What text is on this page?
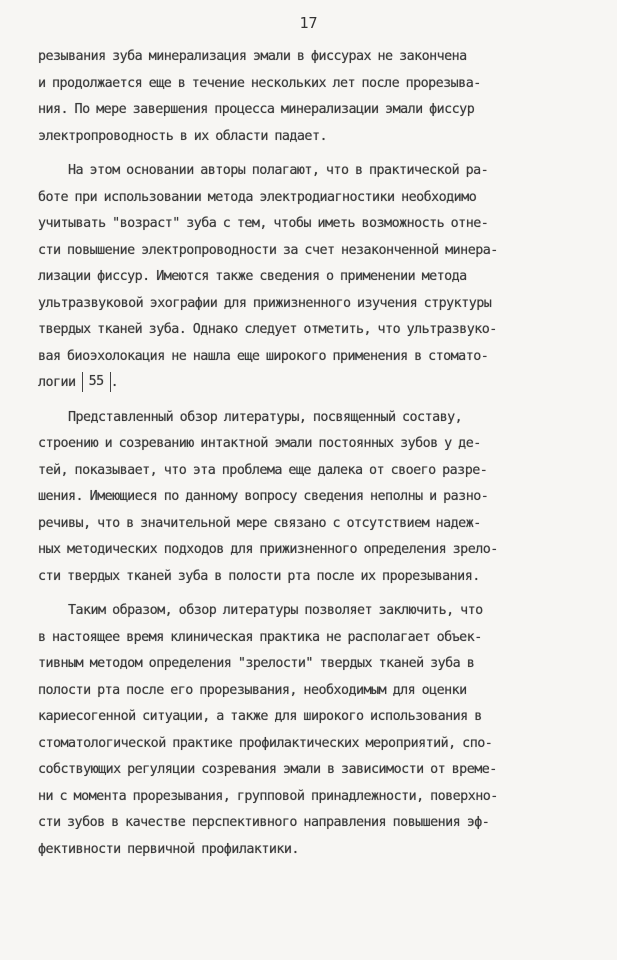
17
резывания зуба минерализация эмали в фиссурах не закончена
и продолжается еще в течение нескольких лет после прорезыва-
ния. По мере завершения процесса минерализации эмали фиссур
электропроводность в их области падает.
На этом основании авторы полагают, что в практической ра-
боте при использовании метода электродиагностики необходимо
учитывать "возраст" зуба с тем, чтобы иметь возможность отне-
сти повышение электропроводности за счет незаконченной минера-
лизации фиссур. Имеются также сведения о применении метода
ультразвуковой эхографии для прижизненного изучения структуры
твердых тканей зуба. Однако следует отметить, что ультразвуко-
вая биоэхолокация не нашла еще широкого применения в стомато-
логии 55 .
Представленный обзор литературы, посвященный составу,
строению и созреванию интактной эмали постоянных зубов у де-
тей, показывает, что эта проблема еще далека от своего разре-
шения. Имеющиеся по данному вопросу сведения неполны и разно-
речивы, что в значительной мере связано с отсутствием надеж-
ных методических подходов для прижизненного определения зрело-
сти твердых тканей зуба в полости рта после их прорезывания.
Таким образом, обзор литературы позволяет заключить, что
в настоящее время клиническая практика не располагает объек-
тивным методом определения "зрелости" твердых тканей зуба в
полости рта после его прорезывания, необходимым для оценки
кариесогенной ситуации, а также для широкого использования в
стоматологической практике профилактических мероприятий, спо-
собствующих регуляции созревания эмали в зависимости от време-
ни с момента прорезывания, групповой принадлежности, поверхно-
сти зубов в качестве перспективного направления повышения эф-
фективности первичной профилактики.
